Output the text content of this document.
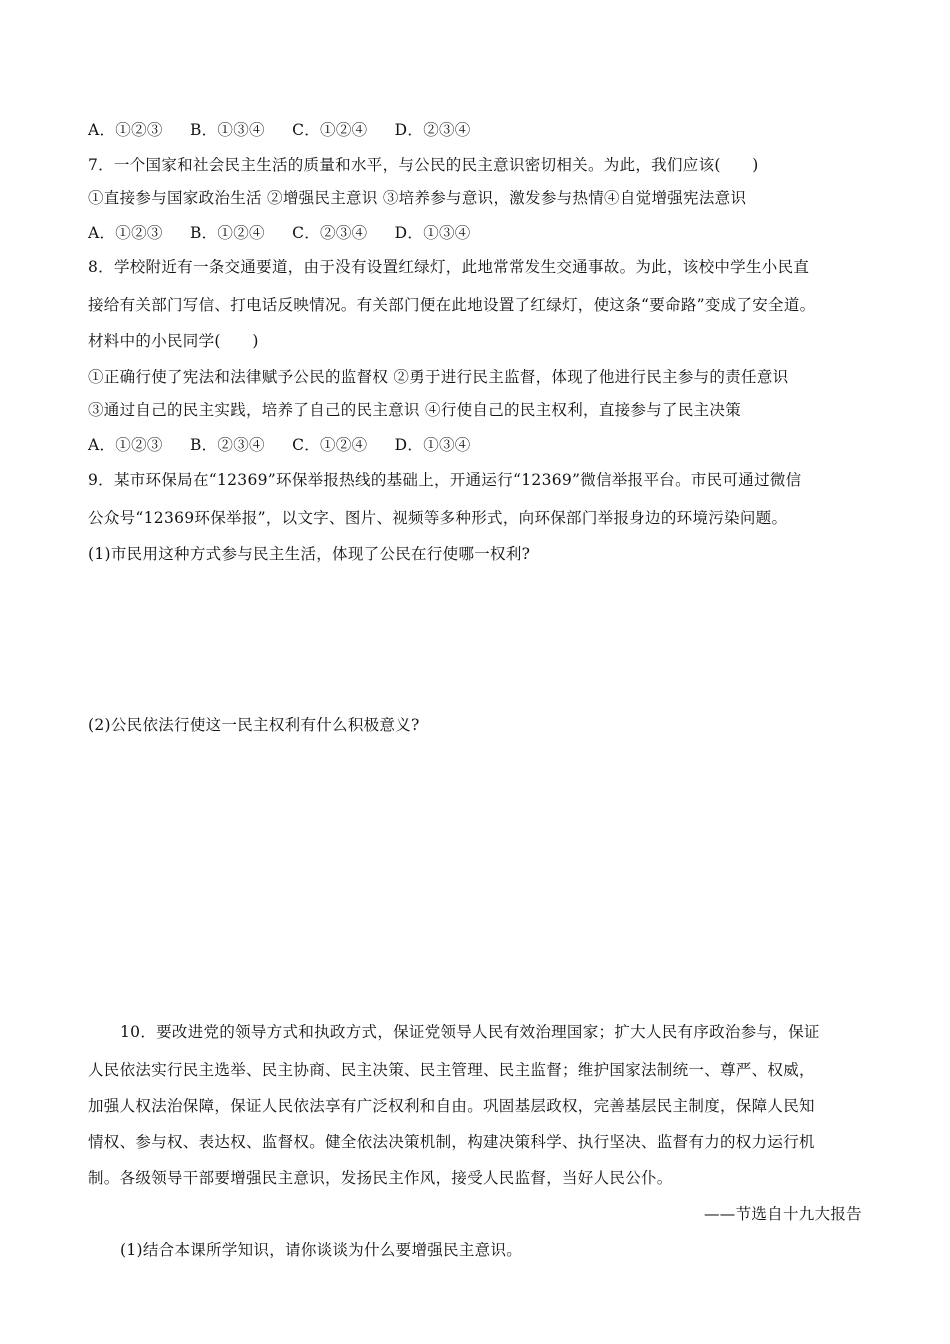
A．①②③ B．①③④ C．①②④ D．②③④
7．一个国家和社会民主生活的质量和水平，与公民的民主意识密切相关。为此，我们应该(　　)
①直接参与国家政治生活 ②增强民主意识 ③培养参与意识，激发参与热情④自觉增强宪法意识
A．①②③ B．①②④ C．②③④ D．①③④
8．学校附近有一条交通要道，由于没有设置红绿灯，此地常常发生交通事故。为此，该校中学生小民直
接给有关部门写信、打电话反映情况。有关部门便在此地设置了红绿灯，使这条“要命路”变成了安全道。
材料中的小民同学(　　)
①正确行使了宪法和法律赋予公民的监督权 ②勇于进行民主监督，体现了他进行民主参与的责任意识
③通过自己的民主实践，培养了自己的民主意识 ④行使自己的民主权利，直接参与了民主决策
A．①②③ B．②③④ C．①②④ D．①③④
9．某市环保局在“12369”环保举报热线的基础上，开通运行“12369”微信举报平台。市民可通过微信
公众号“12369环保举报”，以文字、图片、视频等多种形式，向环保部门举报身边的环境污染问题。
(1)市民用这种方式参与民主生活，体现了公民在行使哪一权利?
(2)公民依法行使这一民主权利有什么积极意义?
10．要改进党的领导方式和执政方式，保证党领导人民有效治理国家；扩大人民有序政治参与，保证
人民依法实行民主选举、民主协商、民主决策、民主管理、民主监督；维护国家法制统一、尊严、权威，
加强人权法治保障，保证人民依法享有广泛权利和自由。巩固基层政权，完善基层民主制度，保障人民知
情权、参与权、表达权、监督权。健全依法决策机制，构建决策科学、执行坚决、监督有力的权力运行机
制。各级领导干部要增强民主意识，发扬民主作风，接受人民监督，当好人民公仆。
——节选自十九大报告
(1)结合本课所学知识，请你谈谈为什么要增强民主意识。
